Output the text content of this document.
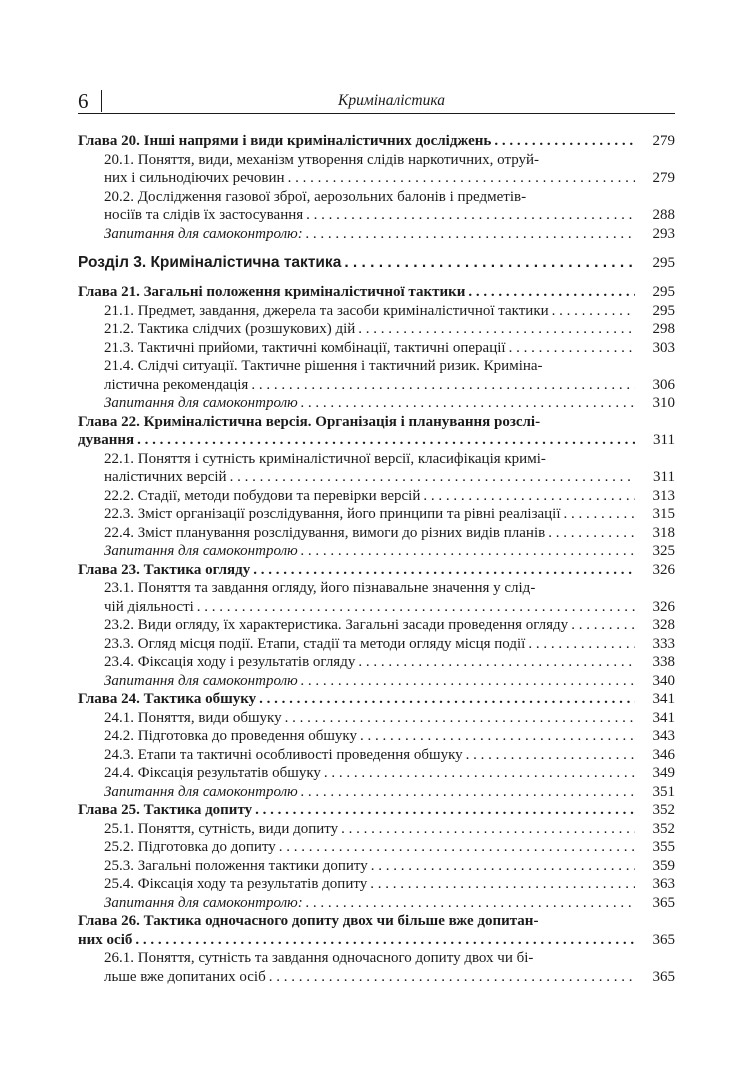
6	Криміналістика
Глава 20. Інші напрями і види криміналістичних досліджень . . .	279
20.1. Поняття, види, механізм утворення слідів наркотичних, отруй-
них і сильнодіючих речовин . . .	279
20.2. Дослідження газової зброї, аерозольних балонів і предметів-
носіїв та слідів їх застосування . . .	288
Запитання для самоконтролю: . . .	293
Розділ 3. Криміналістична тактика . . .	295
Глава 21. Загальні положення криміналістичної тактики . . .	295
21.1. Предмет, завдання, джерела та засоби криміналістичної тактики . . .	295
21.2. Тактика слідчих (розшукових) дій . . .	298
21.3. Тактичні прийоми, тактичні комбінації, тактичні операції . . .	303
21.4. Слідчі ситуації. Тактичне рішення і тактичний ризик. Криміна-
лістична рекомендація . . .	306
Запитання для самоконтролю . . .	310
Глава 22. Криміналістична версія. Організація і планування розслі-
дування . . .	311
22.1. Поняття і сутність криміналістичної версії, класифікація кримі-
налістичних версій . . .	311
22.2. Стадії, методи побудови та перевірки версій . . .	313
22.3. Зміст організації розслідування, його принципи та рівні реалізації . . .	315
22.4. Зміст планування розслідування, вимоги до різних видів планів . . .	318
Запитання для самоконтролю . . .	325
Глава 23. Тактика огляду . . .	326
23.1. Поняття та завдання огляду, його пізнавальне значення у слід-
чій діяльності . . .	326
23.2. Види огляду, їх характеристика. Загальні засади проведення огляду . . .	328
23.3. Огляд місця події. Етапи, стадії та методи огляду місця події . . .	333
23.4. Фіксація ходу і результатів огляду . . .	338
Запитання для самоконтролю . . .	340
Глава 24. Тактика обшуку . . .	341
24.1. Поняття, види обшуку . . .	341
24.2. Підготовка до проведення обшуку . . .	343
24.3. Етапи та тактичні особливості проведення обшуку . . .	346
24.4. Фіксація результатів обшуку . . .	349
Запитання для самоконтролю . . .	351
Глава 25. Тактика допиту . . .	352
25.1. Поняття, сутність, види допиту . . .	352
25.2. Підготовка до допиту . . .	355
25.3. Загальні положення тактики допиту . . .	359
25.4. Фіксація ходу та результатів допиту . . .	363
Запитання для самоконтролю: . . .	365
Глава 26. Тактика одночасного допиту двох чи більше вже допитан-
них осіб . . .	365
26.1. Поняття, сутність та завдання одночасного допиту двох чи бі-
льше вже допитаних осіб . . .	365
